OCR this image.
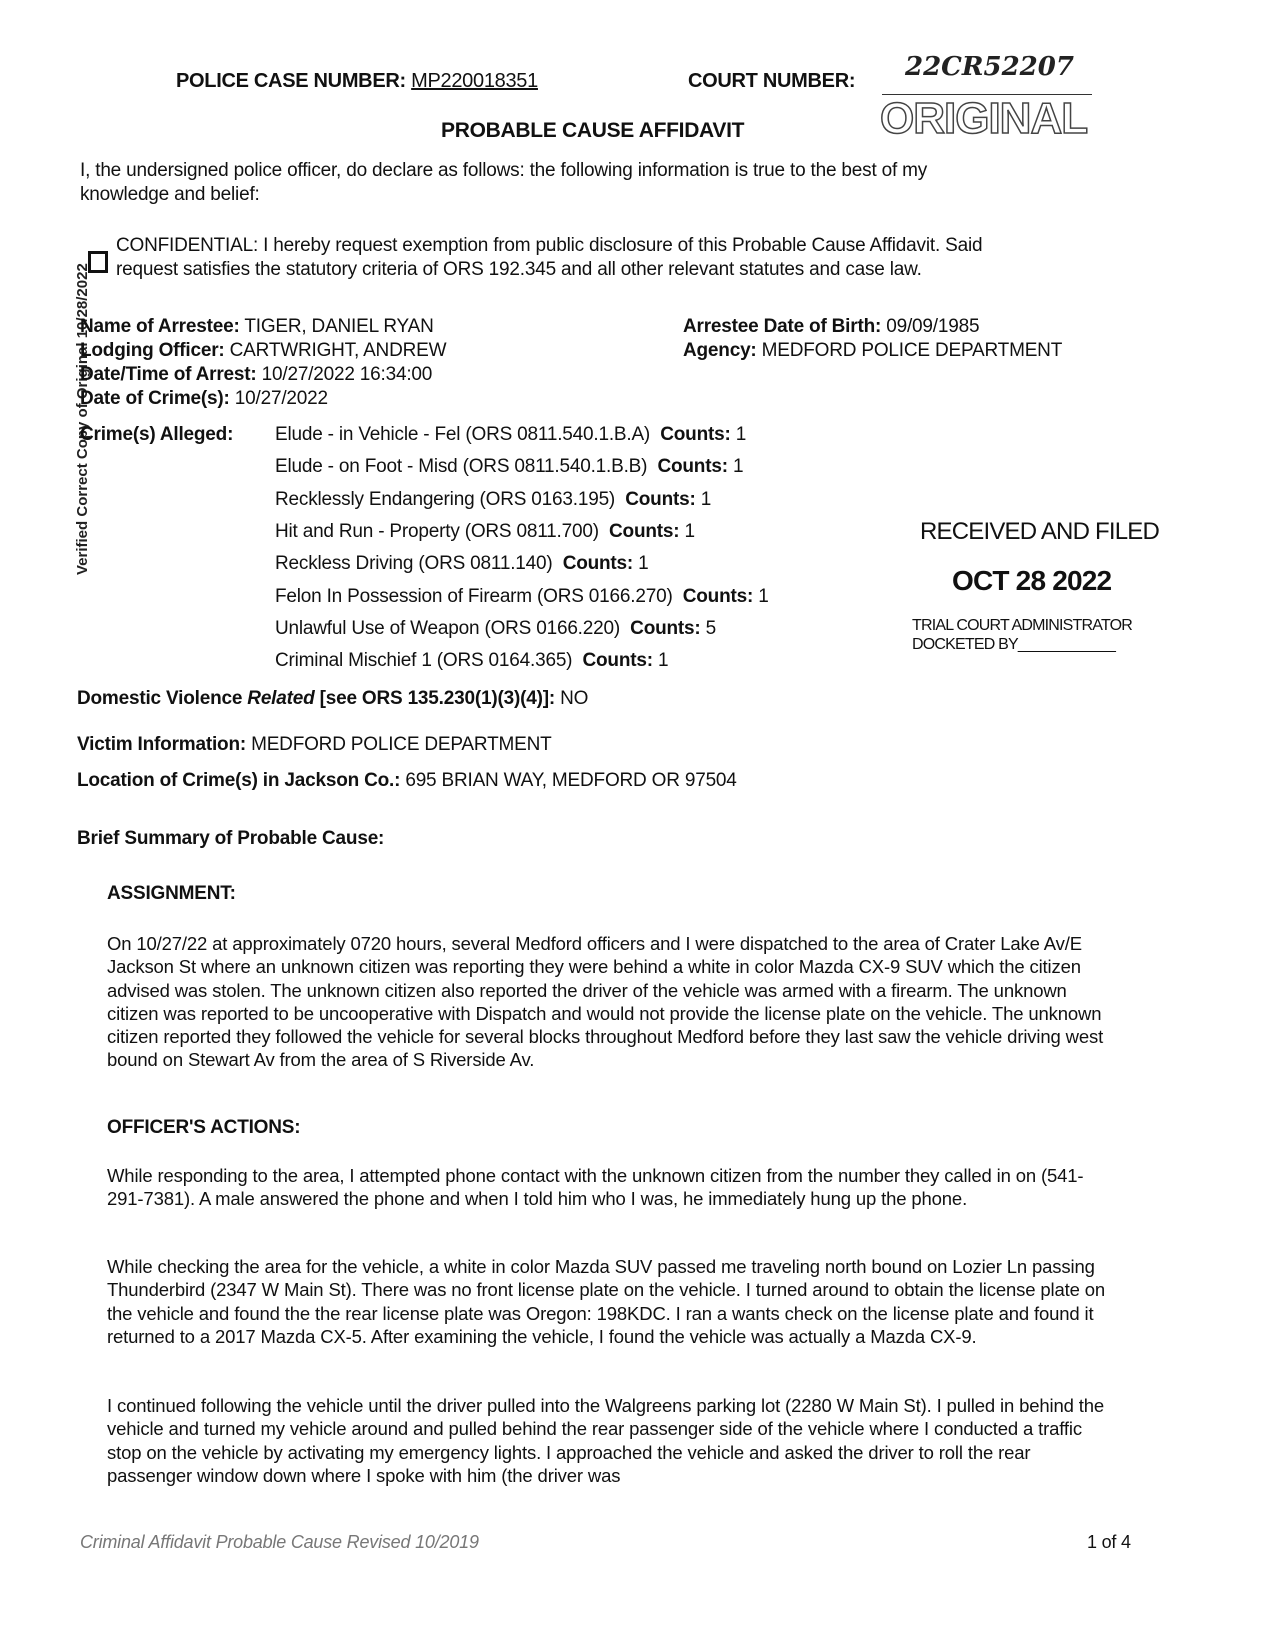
POLICE CASE NUMBER: MP220018351	COURT NUMBER: 22CR52207
ORIGINAL
PROBABLE CAUSE AFFIDAVIT
Verified Correct Copy of Original 10/28/2022
I, the undersigned police officer, do declare as follows: the following information is true to the best of my
knowledge and belief:
CONFIDENTIAL: I hereby request exemption from public disclosure of this Probable Cause Affidavit. Said
request satisfies the statutory criteria of ORS 192.345 and all other relevant statutes and case law.
Name of Arrestee: TIGER, DANIEL RYAN
Lodging Officer: CARTWRIGHT, ANDREW
Date/Time of Arrest: 10/27/2022 16:34:00
Date of Crime(s): 10/27/2022
Arrestee Date of Birth: 09/09/1985
Agency: MEDFORD POLICE DEPARTMENT
Crime(s) Alleged: Elude - in Vehicle - Fel (ORS 0811.540.1.B.A) Counts: 1
Elude - on Foot - Misd (ORS 0811.540.1.B.B) Counts: 1
Recklessly Endangering (ORS 0163.195) Counts: 1
Hit and Run - Property (ORS 0811.700) Counts: 1
Reckless Driving (ORS 0811.140) Counts: 1
Felon In Possession of Firearm (ORS 0166.270) Counts: 1
Unlawful Use of Weapon (ORS 0166.220) Counts: 5
Criminal Mischief 1 (ORS 0164.365) Counts: 1
RECEIVED AND FILED
OCT 28 2022
TRIAL COURT ADMINISTRATOR
DOCKETED BY____________
Domestic Violence Related [see ORS 135.230(1)(3)(4)]: NO
Victim Information: MEDFORD POLICE DEPARTMENT
Location of Crime(s) in Jackson Co.: 695 BRIAN WAY, MEDFORD OR 97504
Brief Summary of Probable Cause:
ASSIGNMENT:
On 10/27/22 at approximately 0720 hours, several Medford officers and I were dispatched to the area of Crater Lake Av/E Jackson St where an unknown citizen was reporting they were behind a white in color Mazda CX-9 SUV which the citizen advised was stolen. The unknown citizen also reported the driver of the vehicle was armed with a firearm. The unknown citizen was reported to be uncooperative with Dispatch and would not provide the license plate on the vehicle. The unknown citizen reported they followed the vehicle for several blocks throughout Medford before they last saw the vehicle driving west bound on Stewart Av from the area of S Riverside Av.
OFFICER'S ACTIONS:
While responding to the area, I attempted phone contact with the unknown citizen from the number they called in on (541-291-7381). A male answered the phone and when I told him who I was, he immediately hung up the phone.
While checking the area for the vehicle, a white in color Mazda SUV passed me traveling north bound on Lozier Ln passing Thunderbird (2347 W Main St). There was no front license plate on the vehicle. I turned around to obtain the license plate on the vehicle and found the the rear license plate was Oregon: 198KDC. I ran a wants check on the license plate and found it returned to a 2017 Mazda CX-5. After examining the vehicle, I found the vehicle was actually a Mazda CX-9.
I continued following the vehicle until the driver pulled into the Walgreens parking lot (2280 W Main St). I pulled in behind the vehicle and turned my vehicle around and pulled behind the rear passenger side of the vehicle where I conducted a traffic stop on the vehicle by activating my emergency lights. I approached the vehicle and asked the driver to roll the rear passenger window down where I spoke with him (the driver was
Criminal Affidavit Probable Cause Revised 10/2019	1 of 4
